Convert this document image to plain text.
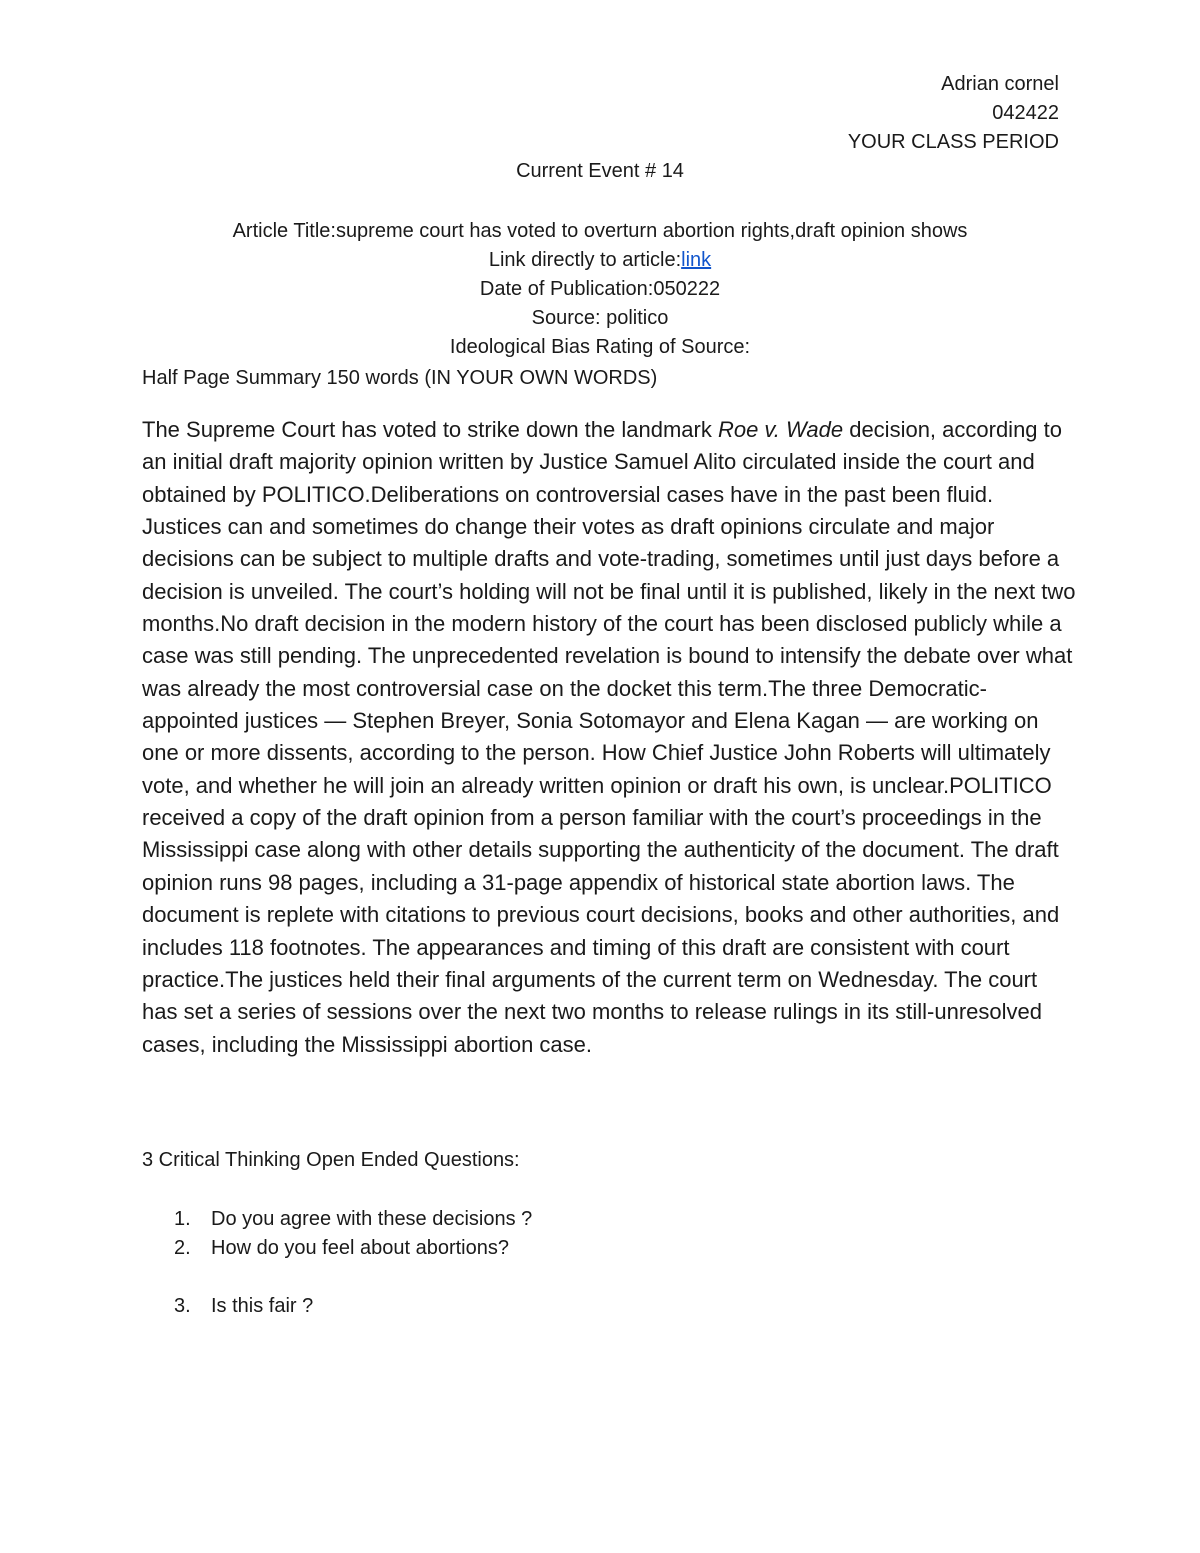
Adrian cornel
042422
YOUR CLASS PERIOD
Current Event # 14
Article Title:supreme court has voted to overturn abortion rights,draft opinion shows
Link directly to article:link
Date of Publication:050222
Source: politico
Ideological Bias Rating of Source:
Half Page Summary 150 words (IN YOUR OWN WORDS)

The Supreme Court has voted to strike down the landmark Roe v. Wade decision, according to an initial draft majority opinion written by Justice Samuel Alito circulated inside the court and obtained by POLITICO.Deliberations on controversial cases have in the past been fluid. Justices can and sometimes do change their votes as draft opinions circulate and major decisions can be subject to multiple drafts and vote-trading, sometimes until just days before a decision is unveiled. The court’s holding will not be final until it is published, likely in the next two months.No draft decision in the modern history of the court has been disclosed publicly while a case was still pending. The unprecedented revelation is bound to intensify the debate over what was already the most controversial case on the docket this term.The three Democratic-appointed justices — Stephen Breyer, Sonia Sotomayor and Elena Kagan — are working on one or more dissents, according to the person. How Chief Justice John Roberts will ultimately vote, and whether he will join an already written opinion or draft his own, is unclear.POLITICO received a copy of the draft opinion from a person familiar with the court’s proceedings in the Mississippi case along with other details supporting the authenticity of the document. The draft opinion runs 98 pages, including a 31-page appendix of historical state abortion laws. The document is replete with citations to previous court decisions, books and other authorities, and includes 118 footnotes. The appearances and timing of this draft are consistent with court practice.The justices held their final arguments of the current term on Wednesday. The court has set a series of sessions over the next two months to release rulings in its still-unresolved cases, including the Mississippi abortion case.

3 Critical Thinking Open Ended Questions:
1.	Do you agree with these decisions ?
2.	How do you feel about abortions?
3.	Is this fair ?
